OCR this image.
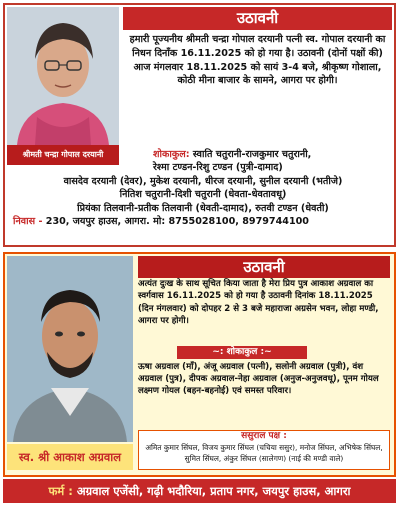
श्रीमती चन्द्रा गोपाल दरयानी
उठावनी
हमारी पूज्यनीय श्रीमती चन्द्रा गोपाल दरयानी पत्नी स्व. गोपाल दरयानी का निधन दिनाँक 16.11.2025 को हो गया है। उठावनी (दोनों पक्षों की) आज मंगलवार 18.11.2025 को सायं 3-4 बजे, श्रीकृष्ण गोशाला, कोठी मीना बाजार के सामने, आगरा पर होगी।
शोकाकुल: स्वाति चतुरानी-राजकुमार चतुरानी,
रेश्मा टण्डन-रिशु टण्डन (पुत्री-दामाद)
वासदेव दरयानी (देवर), मुकेश दरयानी, धीरज दरयानी, सुनील दरयानी (भतीजे)
नितिश चतुरानी-दिशी चतुरानी (धेवता-धेवतावधू)
प्रियंका तिलवानी-प्रतीक तिलवानी (धेवती-दामाद), रुतवी टण्डन (धेवती)
निवास - 230, जयपुर हाउस, आगरा. मो: 8755028100, 8979744100
स्व. श्री आकाश अग्रवाल
उठावनी
अत्यंत दुःख के साथ सूचित किया जाता है मेरा प्रिय पुत्र आकाश अग्रवाल का स्वर्गवास 16.11.2025 को हो गया है उठावनी दिनांक 18.11.2025 (दिन मंगलवार) को दोपहर 2 से 3 बजे महाराजा अग्रसेन भवन, लोहा मण्डी, आगरा पर होगी।
~: शोकाकुल :~
ऊषा अग्रवाल (माँ), अंजू अग्रवाल (पत्नी), सलोनी अग्रवाल (पुत्री), वंश अग्रवाल (पुत्र), दीपक अग्रवाल-नेहा अग्रवाल (अनुज-अनुजवधू), पूनम गोयल लक्ष्मण गोयल (बहन-बहनोई) एवं समस्त परिवार।
ससुराल पक्ष :
अमित कुमार सिंघल, विजय कुमार सिंघल (चचिया ससुर), मनोज सिंघल, अभिषेक सिंघल, सुमित सिंघल, अंकुर सिंघल (सालेगण) (नाई की मण्डी वाले)
फर्म : अग्रवाल एजेंसी, गढ़ी भदौरिया, प्रताप नगर, जयपुर हाउस, आगरा
